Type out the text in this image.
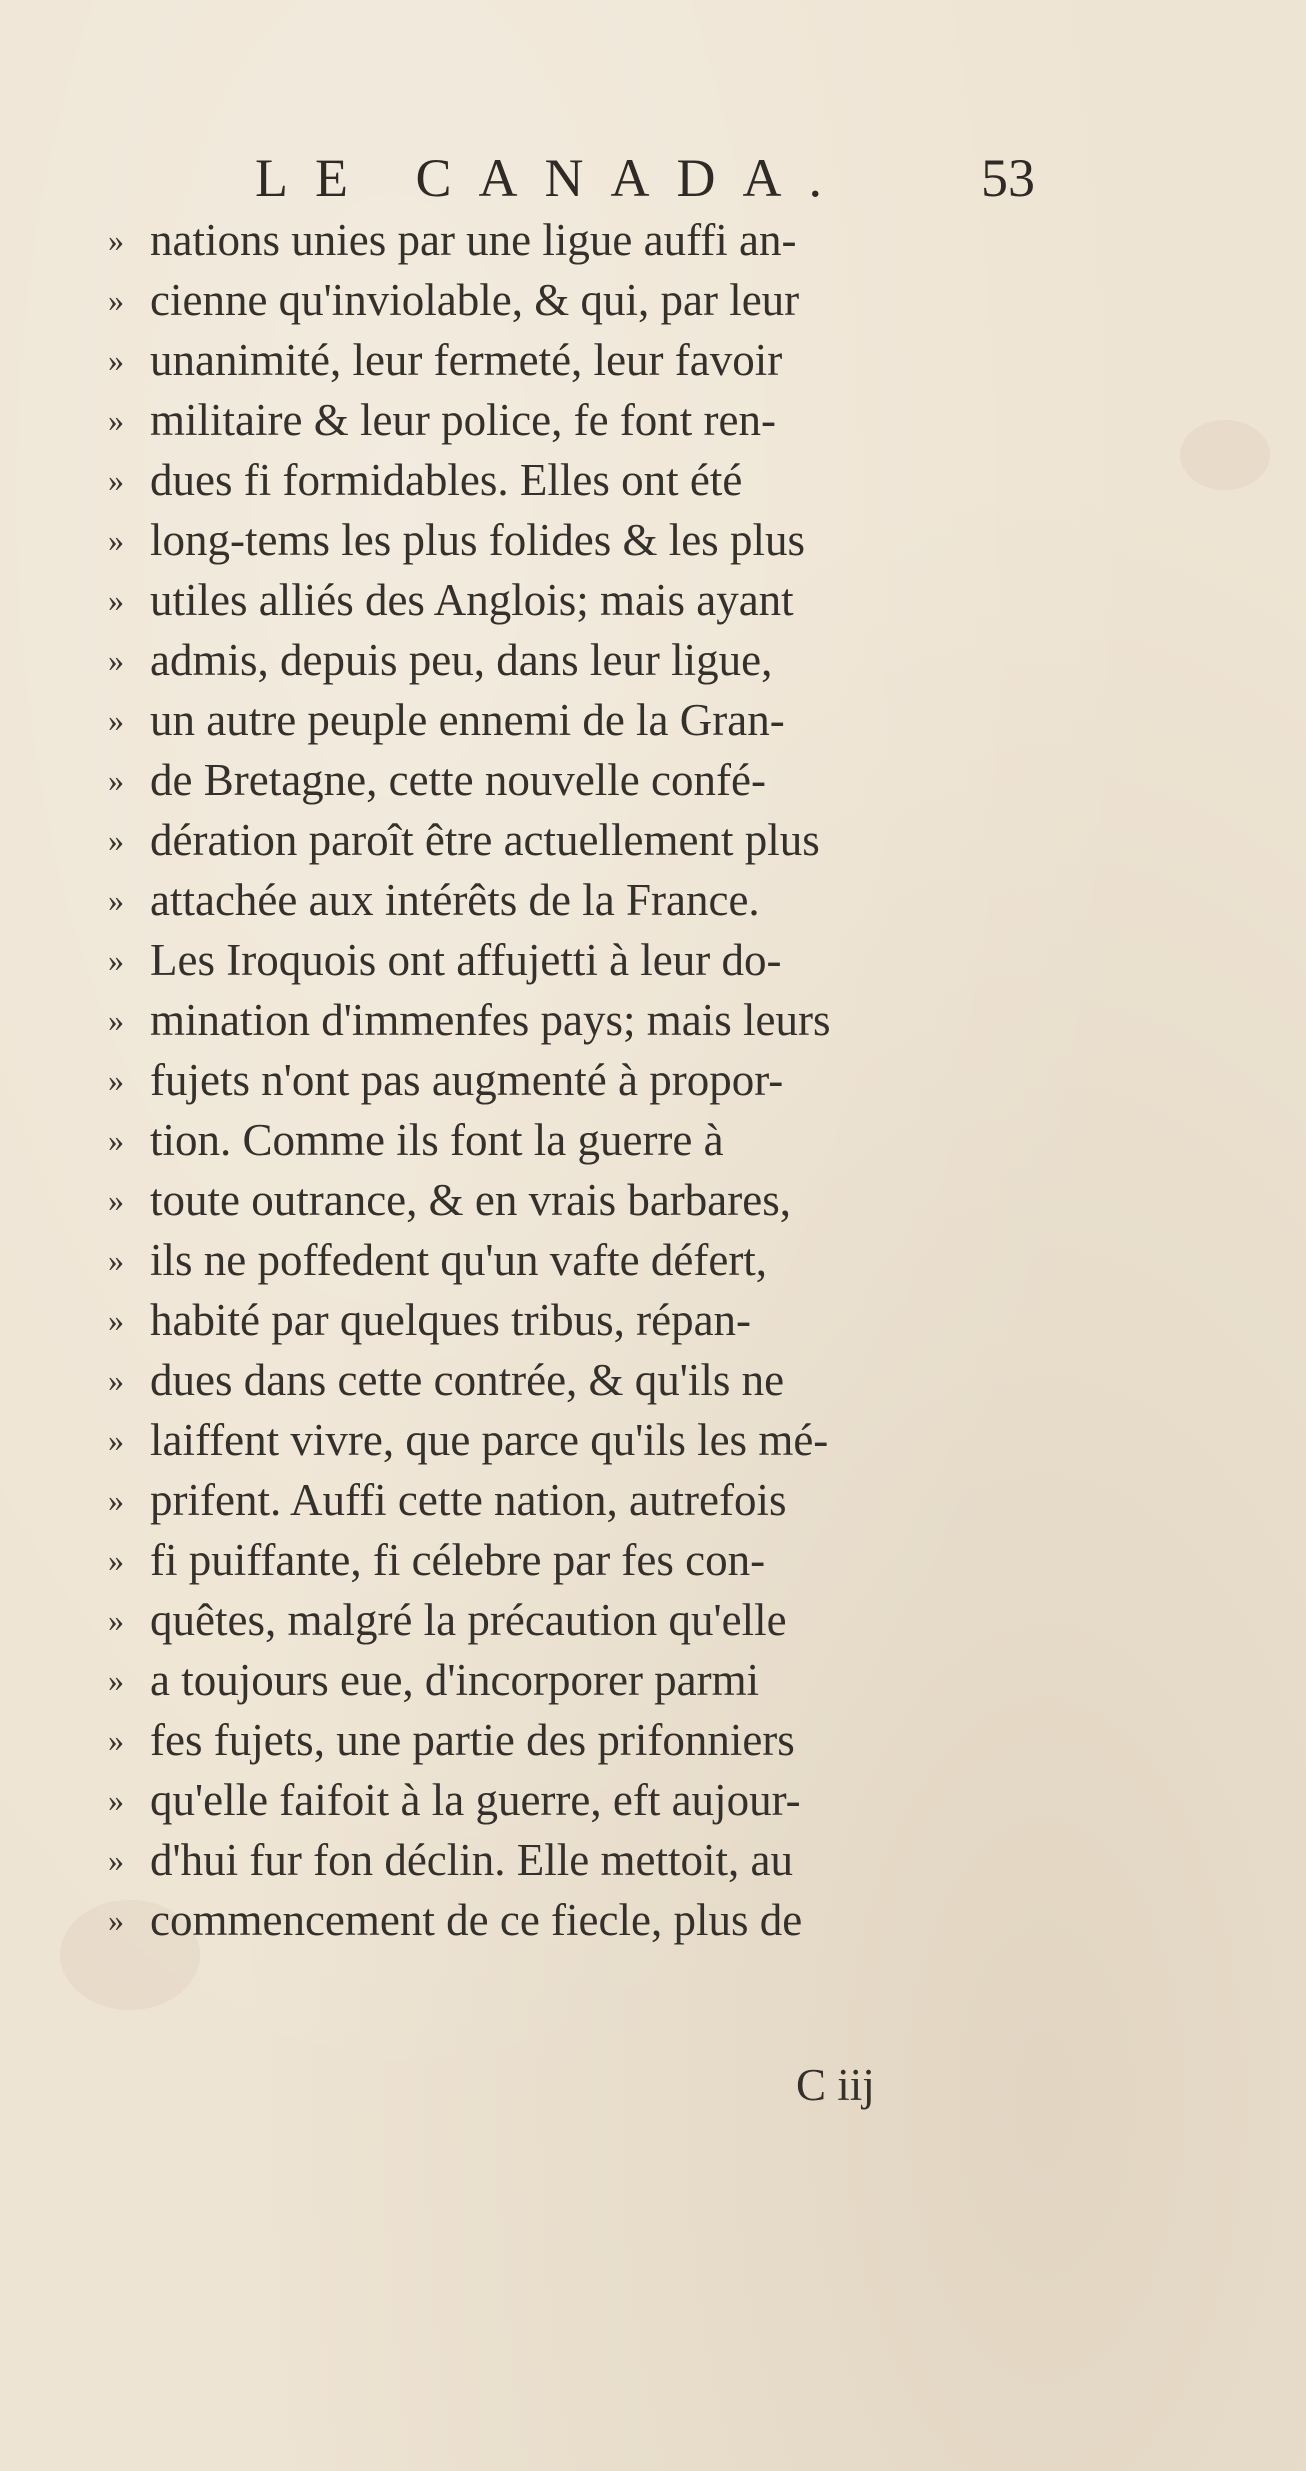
LE CANADA. 53
» nations unies par une ligue auffi an-
» cienne qu'inviolable, & qui, par leur
» unanimité, leur fermeté, leur favoir
» militaire & leur police, fe font ren-
» dues fi formidables. Elles ont été
» long-tems les plus folides & les plus
» utiles alliés des Anglois; mais ayant
» admis, depuis peu, dans leur ligue,
» un autre peuple ennemi de la Gran-
» de Bretagne, cette nouvelle confé-
» dération paroît être actuellement plus
» attachée aux intérêts de la France.
» Les Iroquois ont affujetti à leur do-
» mination d'immenfes pays; mais leurs
» fujets n'ont pas augmenté à propor-
» tion. Comme ils font la guerre à
» toute outrance, & en vrais barbares,
» ils ne poffedent qu'un vafte défert,
» habité par quelques tribus, répan-
» dues dans cette contrée, & qu'ils ne
» laiffent vivre, que parce qu'ils les mé-
» prifent. Auffi cette nation, autrefois
» fi puiffante, fi célebre par fes con-
» quêtes, malgré la précaution qu'elle
» a toujours eue, d'incorporer parmi
» fes fujets, une partie des prifonniers
» qu'elle faifoit à la guerre, eft aujour-
» d'hui fur fon déclin. Elle mettoit, au
» commencement de ce fiecle, plus de
C iij
